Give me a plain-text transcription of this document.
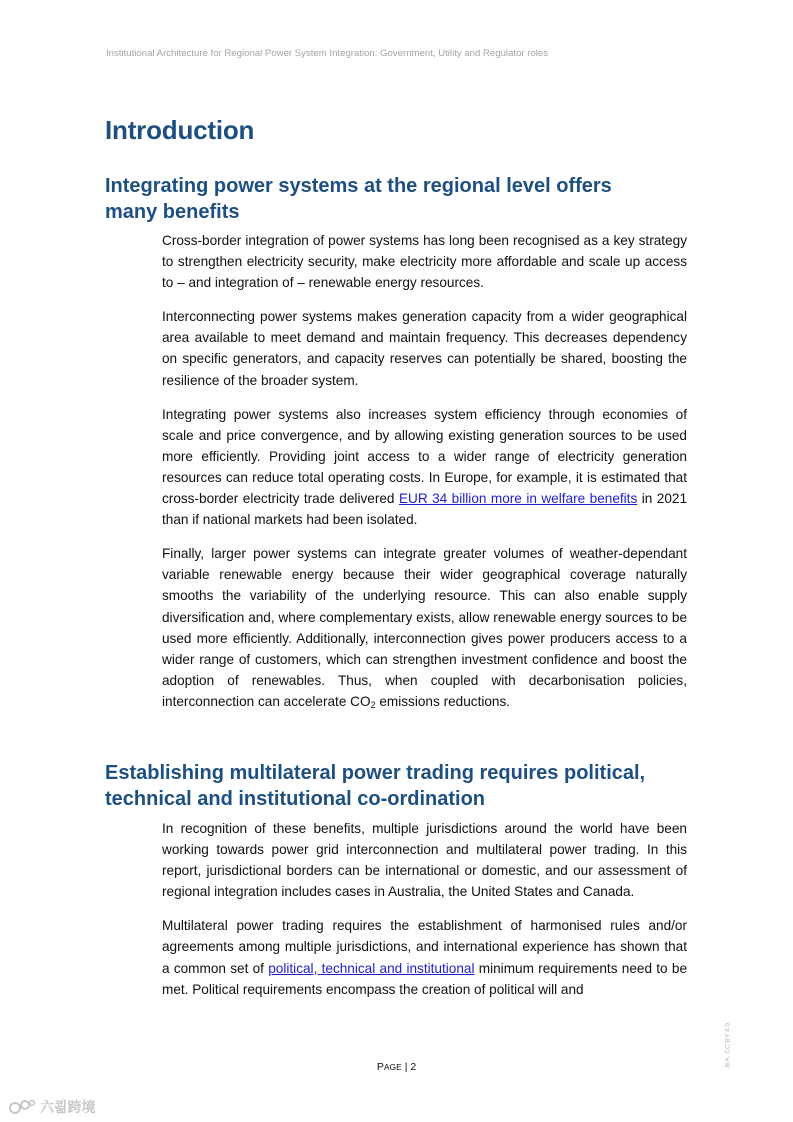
Institutional Architecture for Regional Power System Integration: Government, Utility and Regulator roles
Introduction
Integrating power systems at the regional level offers
many benefits

Cross-border integration of power systems has long been recognised as a key strategy to strengthen electricity security, make electricity more affordable and scale up access to – and integration of – renewable energy resources.

Interconnecting power systems makes generation capacity from a wider geographical area available to meet demand and maintain frequency. This decreases dependency on specific generators, and capacity reserves can potentially be shared, boosting the resilience of the broader system.

Integrating power systems also increases system efficiency through economies of scale and price convergence, and by allowing existing generation sources to be used more efficiently. Providing joint access to a wider range of electricity generation resources can reduce total operating costs. In Europe, for example, it is estimated that cross-border electricity trade delivered EUR 34 billion more in welfare benefits in 2021 than if national markets had been isolated.

Finally, larger power systems can integrate greater volumes of weather-dependant variable renewable energy because their wider geographical coverage naturally smooths the variability of the underlying resource. This can also enable supply diversification and, where complementary exists, allow renewable energy sources to be used more efficiently. Additionally, interconnection gives power producers access to a wider range of customers, which can strengthen investment confidence and boost the adoption of renewables. Thus, when coupled with decarbonisation policies, interconnection can accelerate $CO_2$ emissions reductions.

Establishing multilateral power trading requires political,
technical and institutional co-ordination

In recognition of these benefits, multiple jurisdictions around the world have been working towards power grid interconnection and multilateral power trading. In this report, jurisdictional borders can be international or domestic, and our assessment of regional integration includes cases in Australia, the United States and Canada.

Multilateral power trading requires the establishment of harmonised rules and/or agreements among multiple jurisdictions, and international experience has shown that a common set of political, technical and institutional minimum requirements need to be met. Political requirements encompass the creation of political will and

PAGE | 2	IEA. CC BY 4.0.
六쾲跨境
